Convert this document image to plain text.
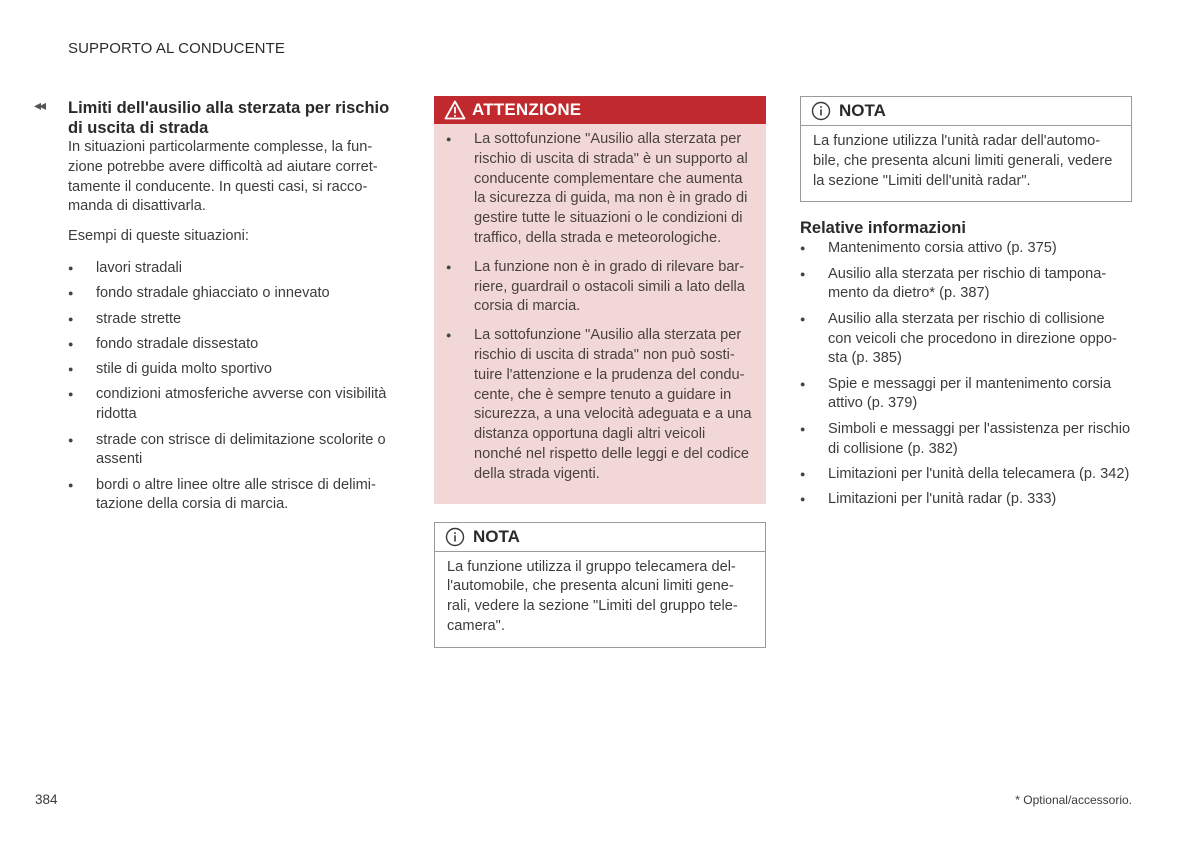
SUPPORTO AL CONDUCENTE
◂◂ Limiti dell'ausilio alla sterzata per rischio di uscita di strada

In situazioni particolarmente complesse, la fun-zione potrebbe avere difficoltà ad aiutare corret-tamente il conducente. In questi casi, si racco-manda di disattivarla.

Esempi di queste situazioni:

● lavori stradali
● fondo stradale ghiacciato o innevato
● strade strette
● fondo stradale dissestato
● stile di guida molto sportivo
● condizioni atmosferiche avverse con visibilità ridotta
● strade con strisce di delimitazione scolorite o assenti
● bordi o altre linee oltre alle strisce di delimi-tazione della corsia di marcia.
ATTENZIONE
● La sottofunzione "Ausilio alla sterzata per rischio di uscita di strada" è un supporto al conducente complementare che aumenta la sicurezza di guida, ma non è in grado di gestire tutte le situazioni o le condizioni di traffico, della strada e meteorologiche.
● La funzione non è in grado di rilevare bar-riere, guardrail o ostacoli simili a lato della corsia di marcia.
● La sottofunzione "Ausilio alla sterzata per rischio di uscita di strada" non può sosti-tuire l'attenzione e la prudenza del condu-cente, che è sempre tenuto a guidare in sicurezza, a una velocità adeguata e a una distanza opportuna dagli altri veicoli nonché nel rispetto delle leggi e del codice della strada vigenti.
NOTA
La funzione utilizza il gruppo telecamera del-l'automobile, che presenta alcuni limiti gene-rali, vedere la sezione "Limiti del gruppo tele-camera".
NOTA
La funzione utilizza l'unità radar dell'automo-bile, che presenta alcuni limiti generali, vedere la sezione "Limiti dell'unità radar".
Relative informazioni
● Mantenimento corsia attivo (p. 375)
● Ausilio alla sterzata per rischio di tampona-mento da dietro* (p. 387)
● Ausilio alla sterzata per rischio di collisione con veicoli che procedono in direzione oppo-sta (p. 385)
● Spie e messaggi per il mantenimento corsia attivo (p. 379)
● Simboli e messaggi per l'assistenza per rischio di collisione (p. 382)
● Limitazioni per l'unità della telecamera (p. 342)
● Limitazioni per l'unità radar (p. 333)
384	* Optional/accessorio.
